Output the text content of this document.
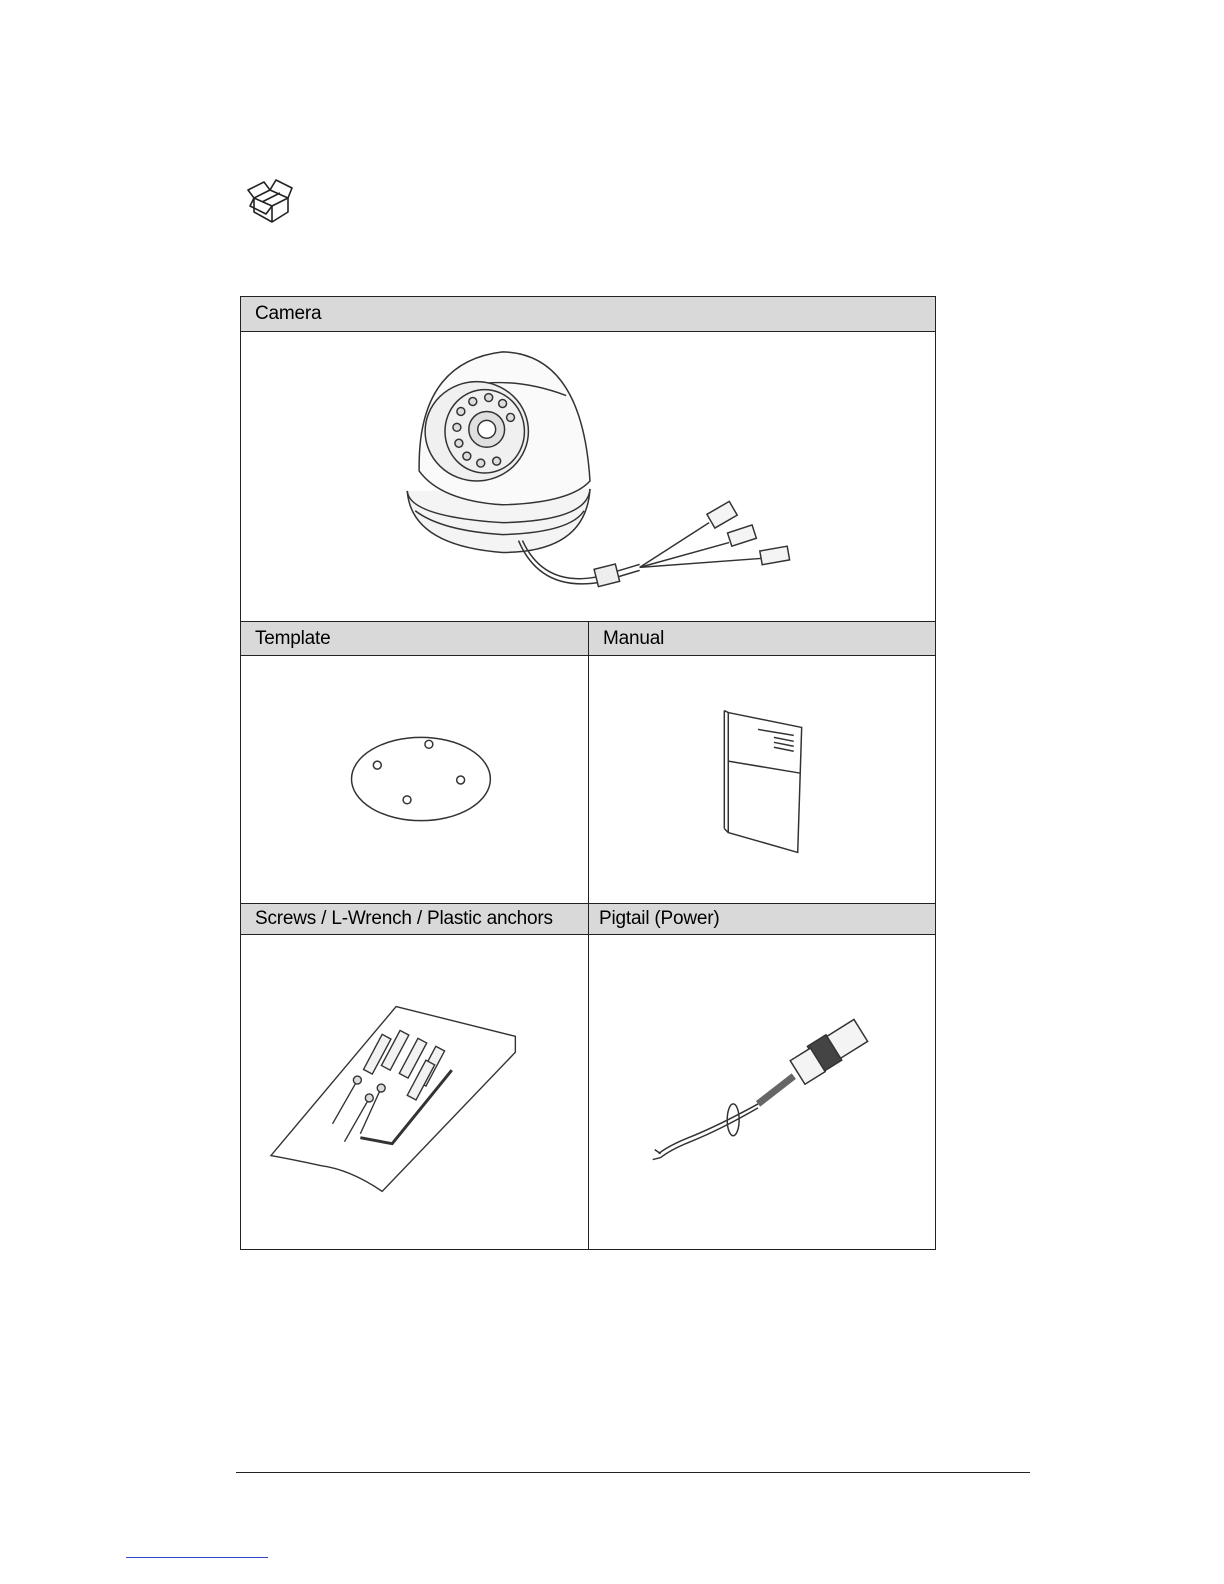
Camera
Template	Manual
Screws / L-Wrench / Plastic anchors Pigtail (Power)
